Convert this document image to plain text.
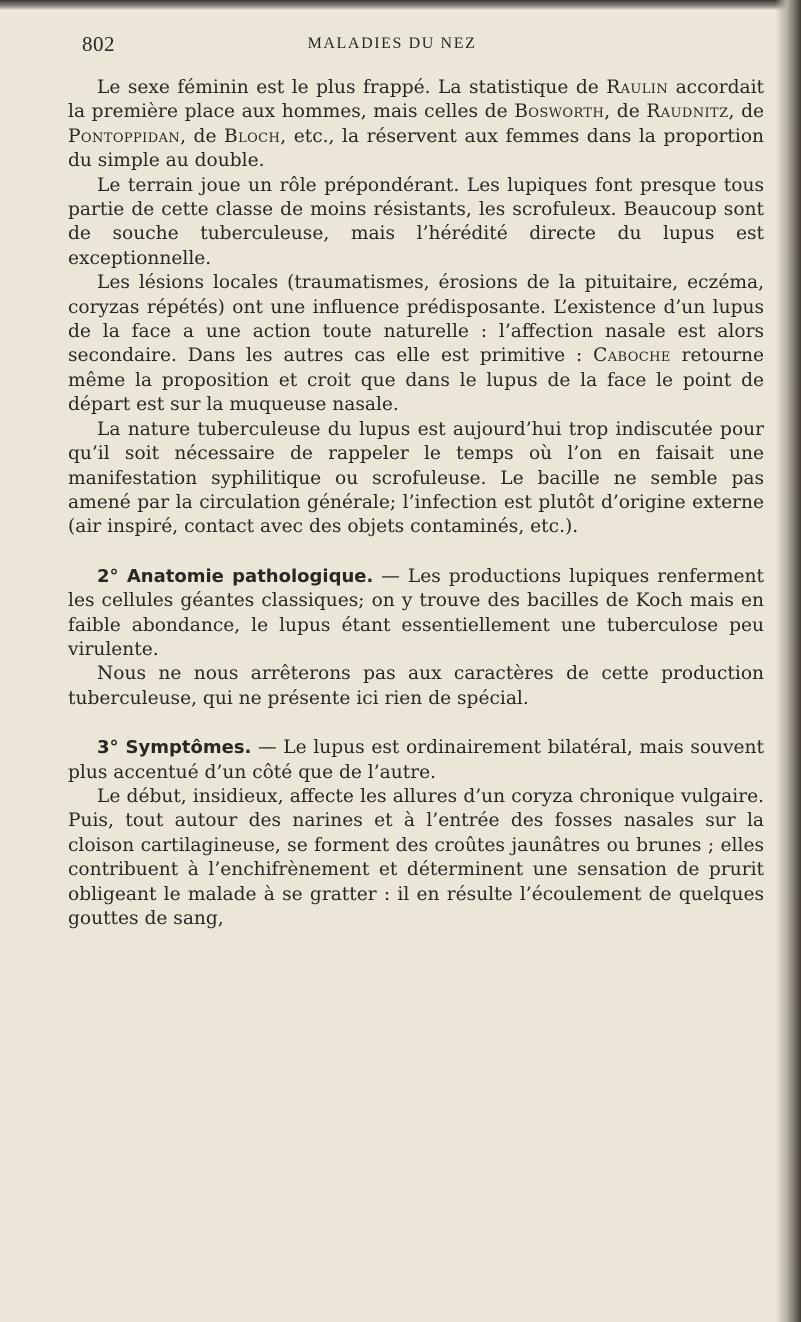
802	MALADIES DU NEZ

Le sexe féminin est le plus frappé. La statistique de Raulin accordait la première place aux hommes, mais celles de Bosworth, de Raudnitz, de Pontoppidan, de Bloch, etc., la réservent aux femmes dans la proportion du simple au double.

Le terrain joue un rôle prépondérant. Les lupiques font presque tous partie de cette classe de moins résistants, les scrofuleux. Beaucoup sont de souche tuberculeuse, mais l’hérédité directe du lupus est exceptionnelle.

Les lésions locales (traumatismes, érosions de la pituitaire, eczéma, coryzas répétés) ont une influence prédisposante. L’existence d’un lupus de la face a une action toute naturelle : l’affection nasale est alors secondaire. Dans les autres cas elle est primitive : Caboche retourne même la proposition et croit que dans le lupus de la face le point de départ est sur la muqueuse nasale.

La nature tuberculeuse du lupus est aujourd’hui trop indiscutée pour qu’il soit nécessaire de rappeler le temps où l’on en faisait une manifestation syphilitique ou scrofuleuse. Le bacille ne semble pas amené par la circulation générale; l’infection est plutôt d’origine externe (air inspiré, contact avec des objets contaminés, etc.).

2° Anatomie pathologique. — Les productions lupiques renferment les cellules géantes classiques; on y trouve des bacilles de Koch mais en faible abondance, le lupus étant essentiellement une tuberculose peu virulente.

Nous ne nous arrêterons pas aux caractères de cette production tuberculeuse, qui ne présente ici rien de spécial.

3° Symptômes. — Le lupus est ordinairement bilatéral, mais souvent plus accentué d’un côté que de l’autre.

Le début, insidieux, affecte les allures d’un coryza chronique vulgaire. Puis, tout autour des narines et à l’entrée des fosses nasales sur la cloison cartilagineuse, se forment des croûtes jaunâtres ou brunes ; elles contribuent à l’enchifrènement et déterminent une sensation de prurit obligeant le malade à se gratter : il en résulte l’écoulement de quelques gouttes de sang,
